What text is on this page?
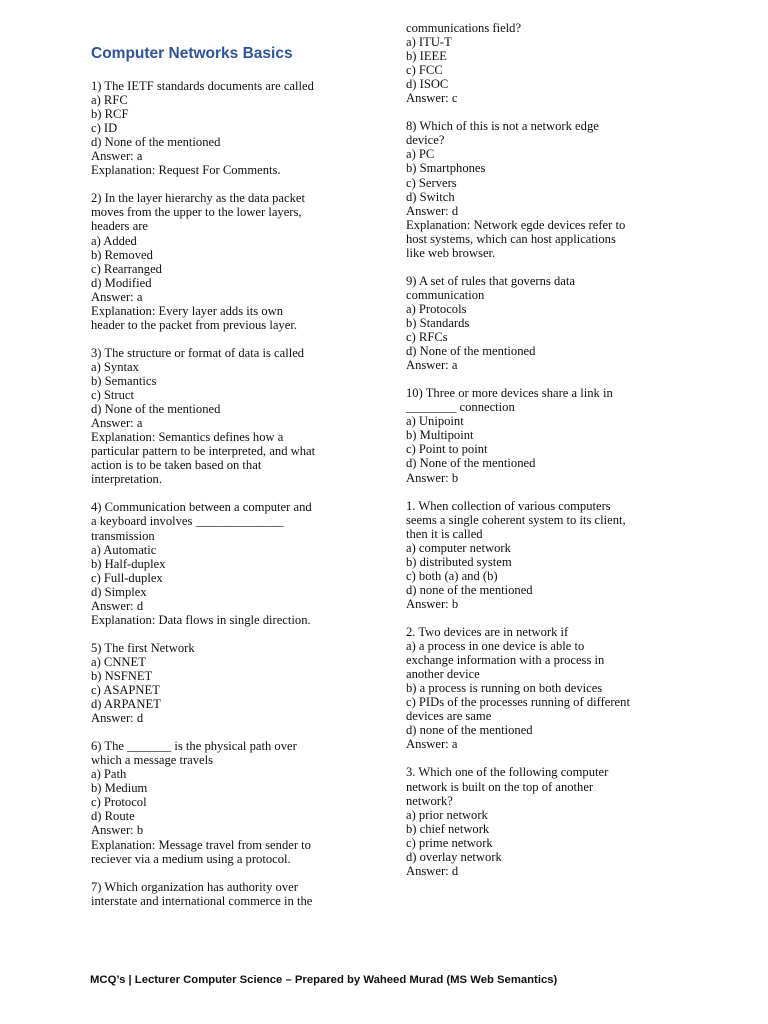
Computer Networks Basics
1) The IETF standards documents are called
a) RFC
b) RCF
c) ID
d) None of the mentioned
Answer: a
Explanation: Request For Comments.
2) In the layer hierarchy as the data packet
moves from the upper to the lower layers,
headers are
a) Added
b) Removed
c) Rearranged
d) Modified
Answer: a
Explanation: Every layer adds its own
header to the packet from previous layer.
3) The structure or format of data is called
a) Syntax
b) Semantics
c) Struct
d) None of the mentioned
Answer: a
Explanation: Semantics defines how a
particular pattern to be interpreted, and what
action is to be taken based on that
interpretation.
4) Communication between a computer and
a keyboard involves ______________
transmission
a) Automatic
b) Half-duplex
c) Full-duplex
d) Simplex
Answer: d
Explanation: Data flows in single direction.
5) The first Network
a) CNNET
b) NSFNET
c) ASAPNET
d) ARPANET
Answer: d
6) The _______ is the physical path over
which a message travels
a) Path
b) Medium
c) Protocol
d) Route
Answer: b
Explanation: Message travel from sender to
reciever via a medium using a protocol.
7) Which organization has authority over
interstate and international commerce in the
communications field?
a) ITU-T
b) IEEE
c) FCC
d) ISOC
Answer: c
8) Which of this is not a network edge
device?
a) PC
b) Smartphones
c) Servers
d) Switch
Answer: d
Explanation: Network egde devices refer to
host systems, which can host applications
like web browser.
9) A set of rules that governs data
communication
a) Protocols
b) Standards
c) RFCs
d) None of the mentioned
Answer: a
10) Three or more devices share a link in
________ connection
a) Unipoint
b) Multipoint
c) Point to point
d) None of the mentioned
Answer: b
1. When collection of various computers
seems a single coherent system to its client,
then it is called
a) computer network
b) distributed system
c) both (a) and (b)
d) none of the mentioned
Answer: b
2. Two devices are in network if
a) a process in one device is able to
exchange information with a process in
another device
b) a process is running on both devices
c) PIDs of the processes running of different
devices are same
d) none of the mentioned
Answer: a
3. Which one of the following computer
network is built on the top of another
network?
a) prior network
b) chief network
c) prime network
d) overlay network
Answer: d
MCQ’s | Lecturer Computer Science – Prepared by Waheed Murad (MS Web Semantics)
